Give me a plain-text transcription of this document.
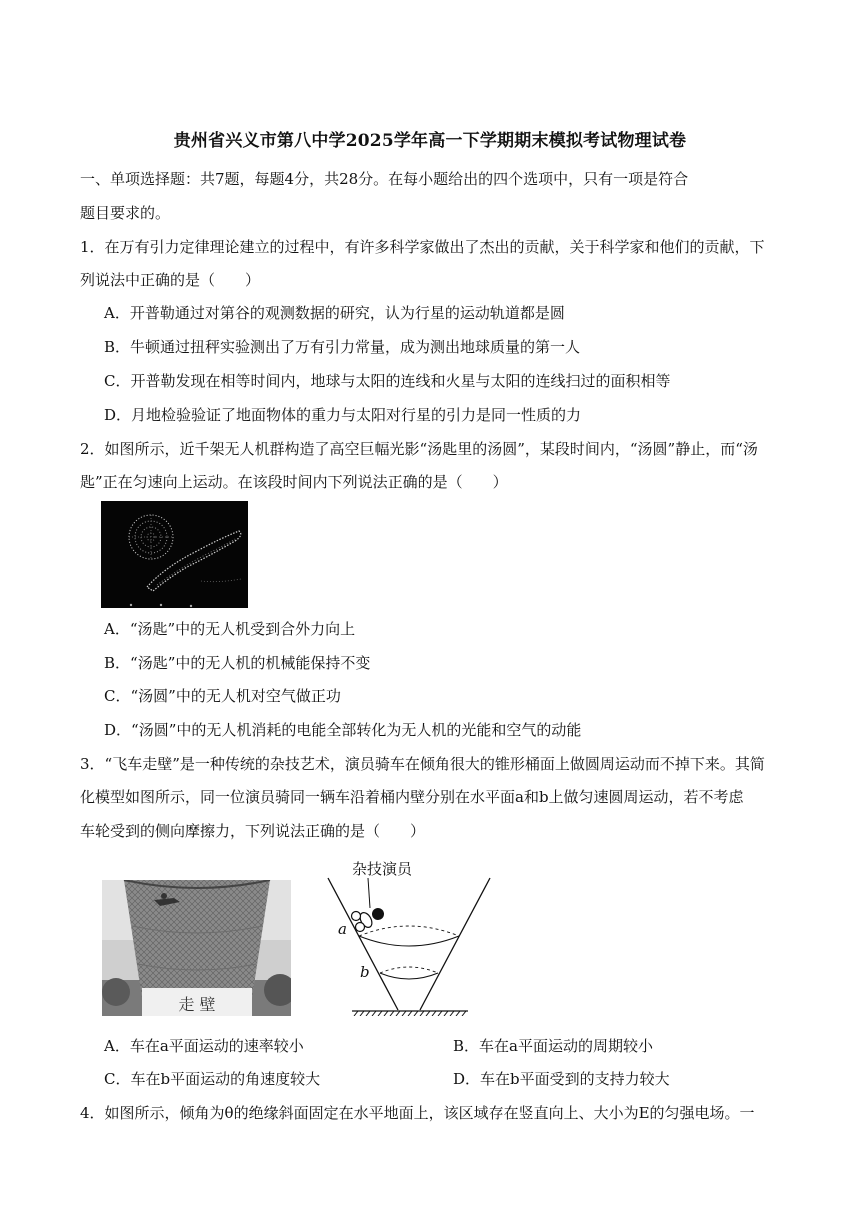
贵州省兴义市第八中学2025学年高一下学期期末模拟考试物理试卷
一、单项选择题：共7题，每题4分，共28分。在每小题给出的四个选项中，只有一项是符合
题目要求的。
1．在万有引力定律理论建立的过程中，有许多科学家做出了杰出的贡献，关于科学家和他们的贡献，下
列说法中正确的是（　　）
A．开普勒通过对第谷的观测数据的研究，认为行星的运动轨道都是圆
B．牛顿通过扭秤实验测出了万有引力常量，成为测出地球质量的第一人
C．开普勒发现在相等时间内，地球与太阳的连线和火星与太阳的连线扫过的面积相等
D．月地检验验证了地面物体的重力与太阳对行星的引力是同一性质的力
2．如图所示，近千架无人机群构造了高空巨幅光影“汤匙里的汤圆”，某段时间内，“汤圆”静止，而“汤
匙”正在匀速向上运动。在该段时间内下列说法正确的是（　　）
A．“汤匙”中的无人机受到合外力向上
B．“汤匙”中的无人机的机械能保持不变
C．“汤圆”中的无人机对空气做正功
D．“汤圆”中的无人机消耗的电能全部转化为无人机的光能和空气的动能
3．“飞车走壁”是一种传统的杂技艺术，演员骑车在倾角很大的锥形桶面上做圆周运动而不掉下来。其简
化模型如图所示，同一位演员骑同一辆车沿着桶内壁分别在水平面a和b上做匀速圆周运动，若不考虑
车轮受到的侧向摩擦力，下列说法正确的是（　　）
走 壁
杂技演员
a
b
A．车在a平面运动的速率较小	B．车在a平面运动的周期较小
C．车在b平面运动的角速度较大	D．车在b平面受到的支持力较大
4．如图所示，倾角为θ的绝缘斜面固定在水平地面上，该区域存在竖直向上、大小为E的匀强电场。一
